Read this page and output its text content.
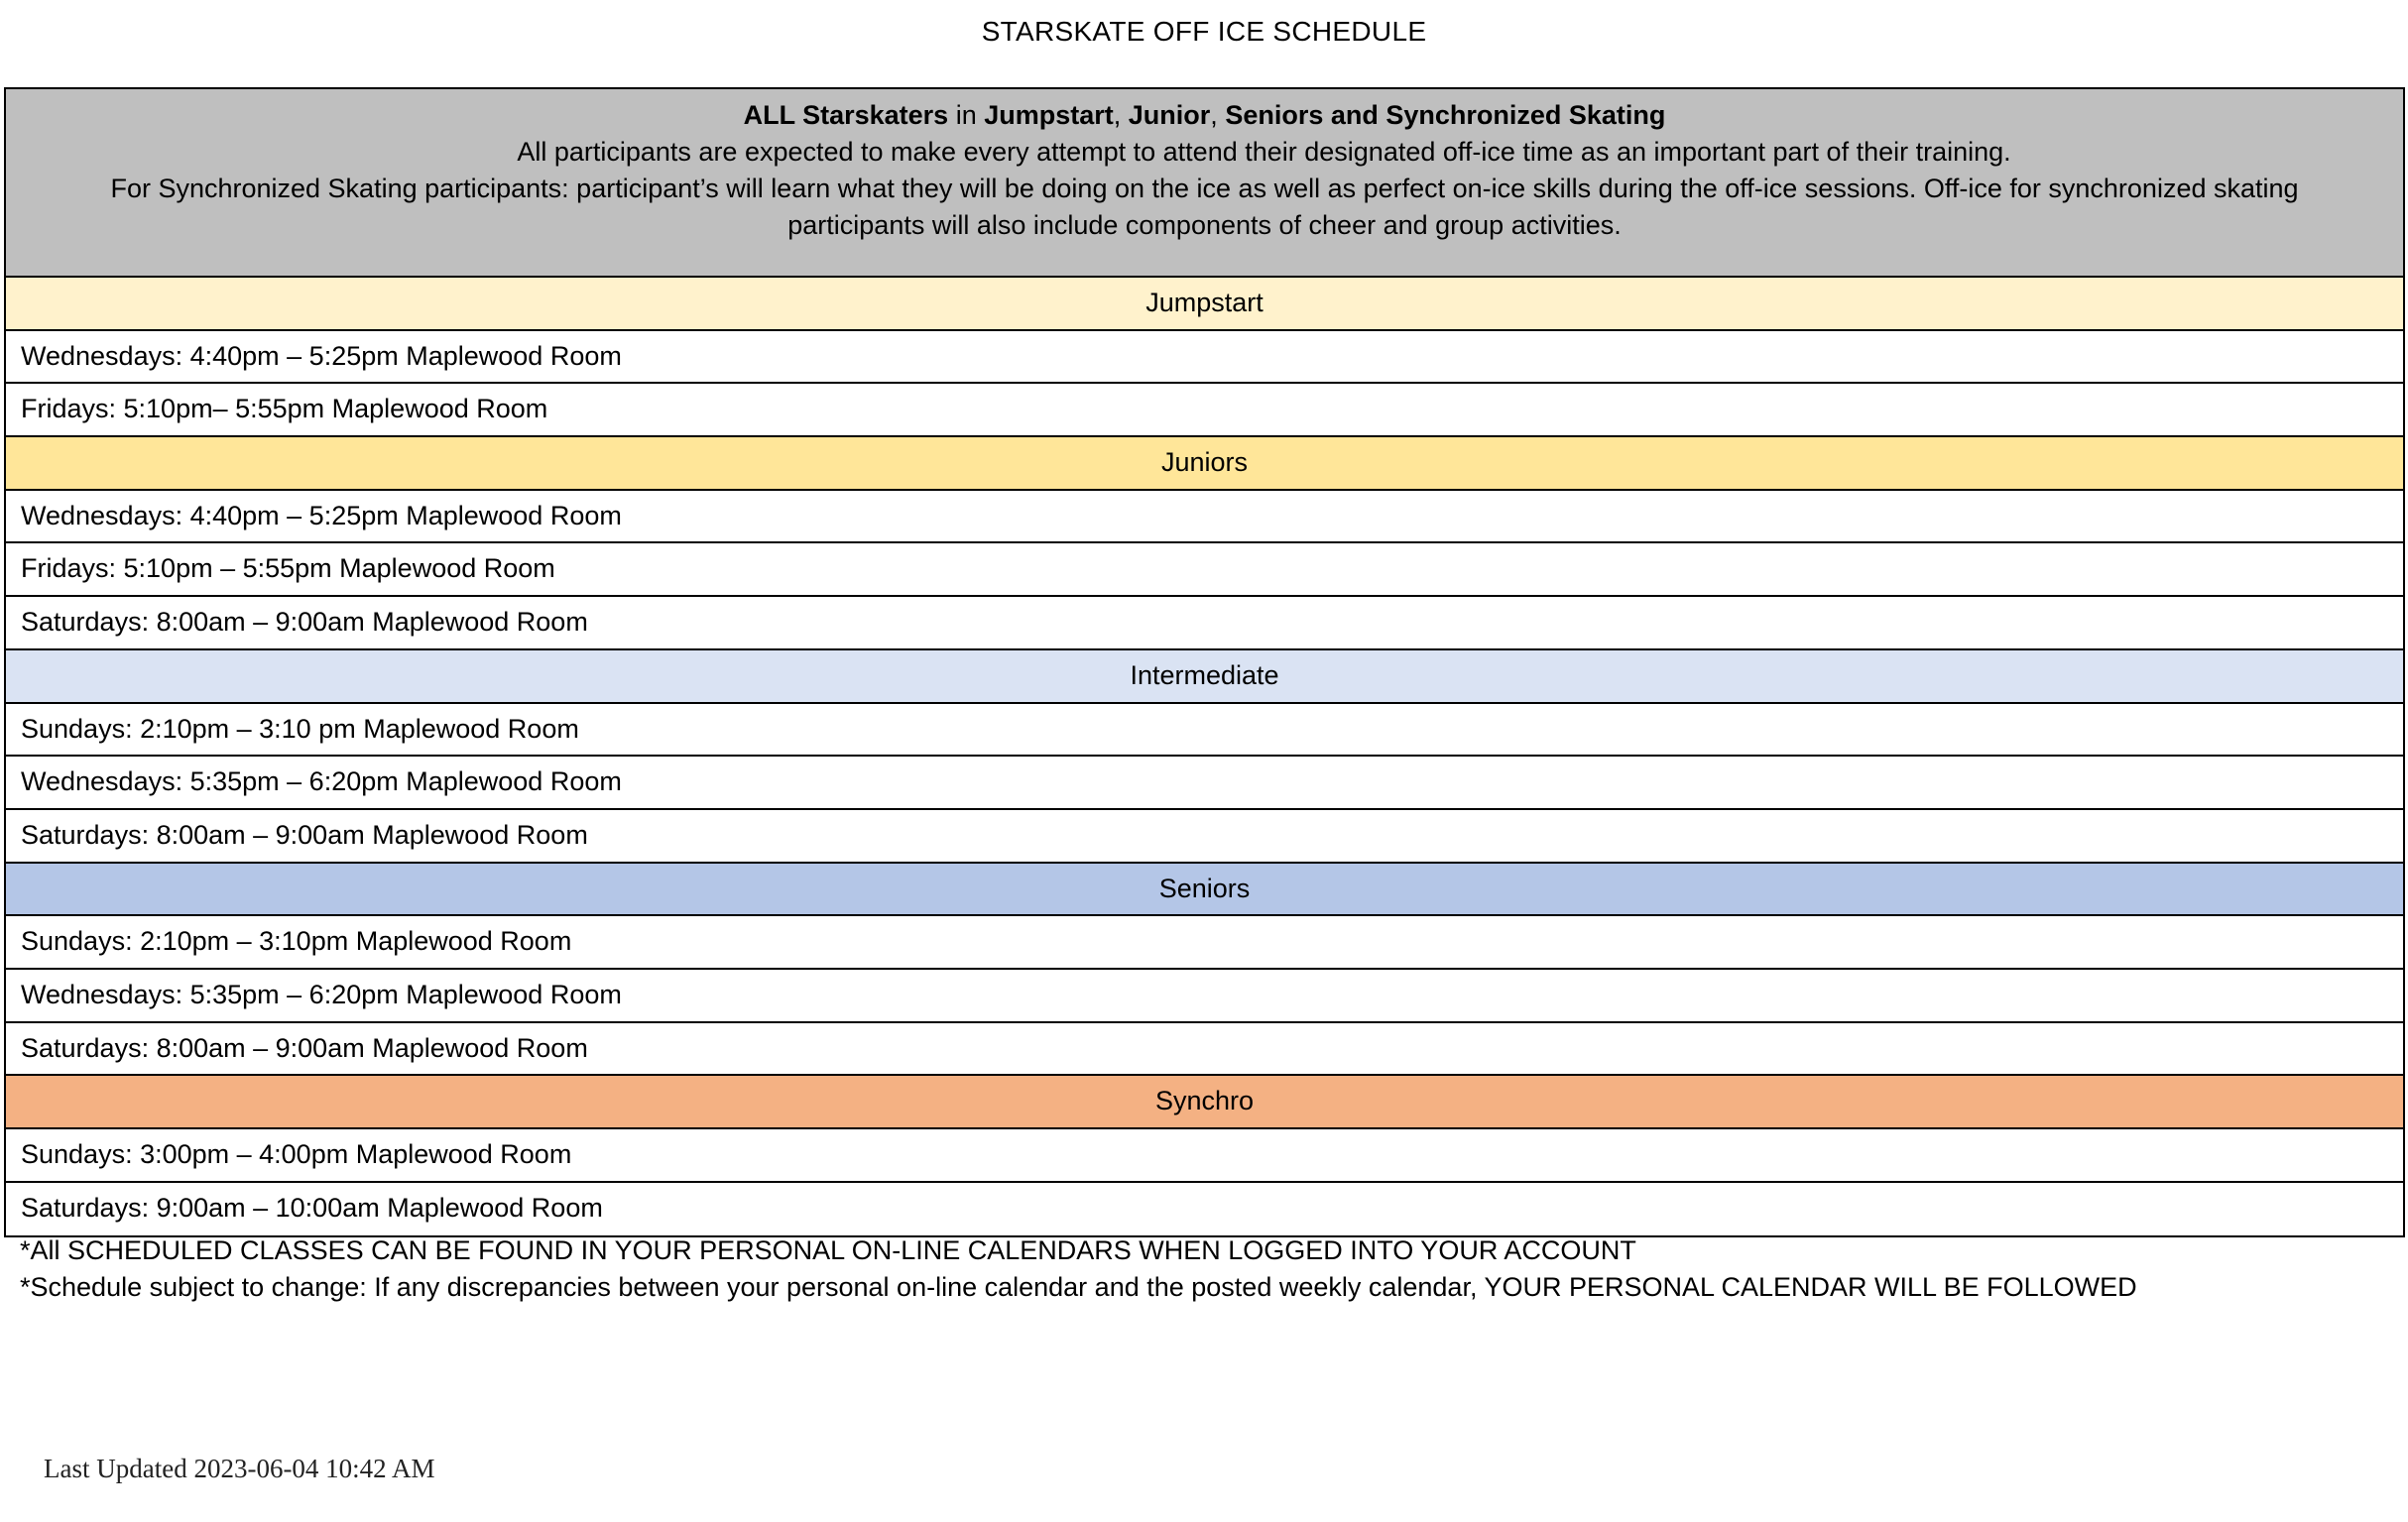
STARSKATE OFF ICE SCHEDULE
ALL Starskaters in Jumpstart, Junior, Seniors and Synchronized Skating
All participants are expected to make every attempt to attend their designated off-ice time as an important part of their training.
For Synchronized Skating participants: participant’s will learn what they will be doing on the ice as well as perfect on-ice skills during the off-ice sessions. Off-ice for synchronized skating
participants will also include components of cheer and group activities.
Jumpstart
Wednesdays: 4:40pm – 5:25pm Maplewood Room
Fridays: 5:10pm– 5:55pm Maplewood Room
Juniors
Wednesdays: 4:40pm – 5:25pm Maplewood Room
Fridays: 5:10pm – 5:55pm Maplewood Room
Saturdays: 8:00am – 9:00am Maplewood Room
Intermediate
Sundays: 2:10pm – 3:10 pm Maplewood Room
Wednesdays: 5:35pm – 6:20pm Maplewood Room
Saturdays: 8:00am – 9:00am Maplewood Room
Seniors
Sundays: 2:10pm – 3:10pm Maplewood Room
Wednesdays: 5:35pm – 6:20pm Maplewood Room
Saturdays: 8:00am – 9:00am Maplewood Room
Synchro
Sundays: 3:00pm – 4:00pm Maplewood Room
Saturdays: 9:00am – 10:00am Maplewood Room
*All SCHEDULED CLASSES CAN BE FOUND IN YOUR PERSONAL ON-LINE CALENDARS WHEN LOGGED INTO YOUR ACCOUNT
*Schedule subject to change: If any discrepancies between your personal on-line calendar and the posted weekly calendar, YOUR PERSONAL CALENDAR WILL BE FOLLOWED
Last Updated 2023-06-04 10:42 AM
